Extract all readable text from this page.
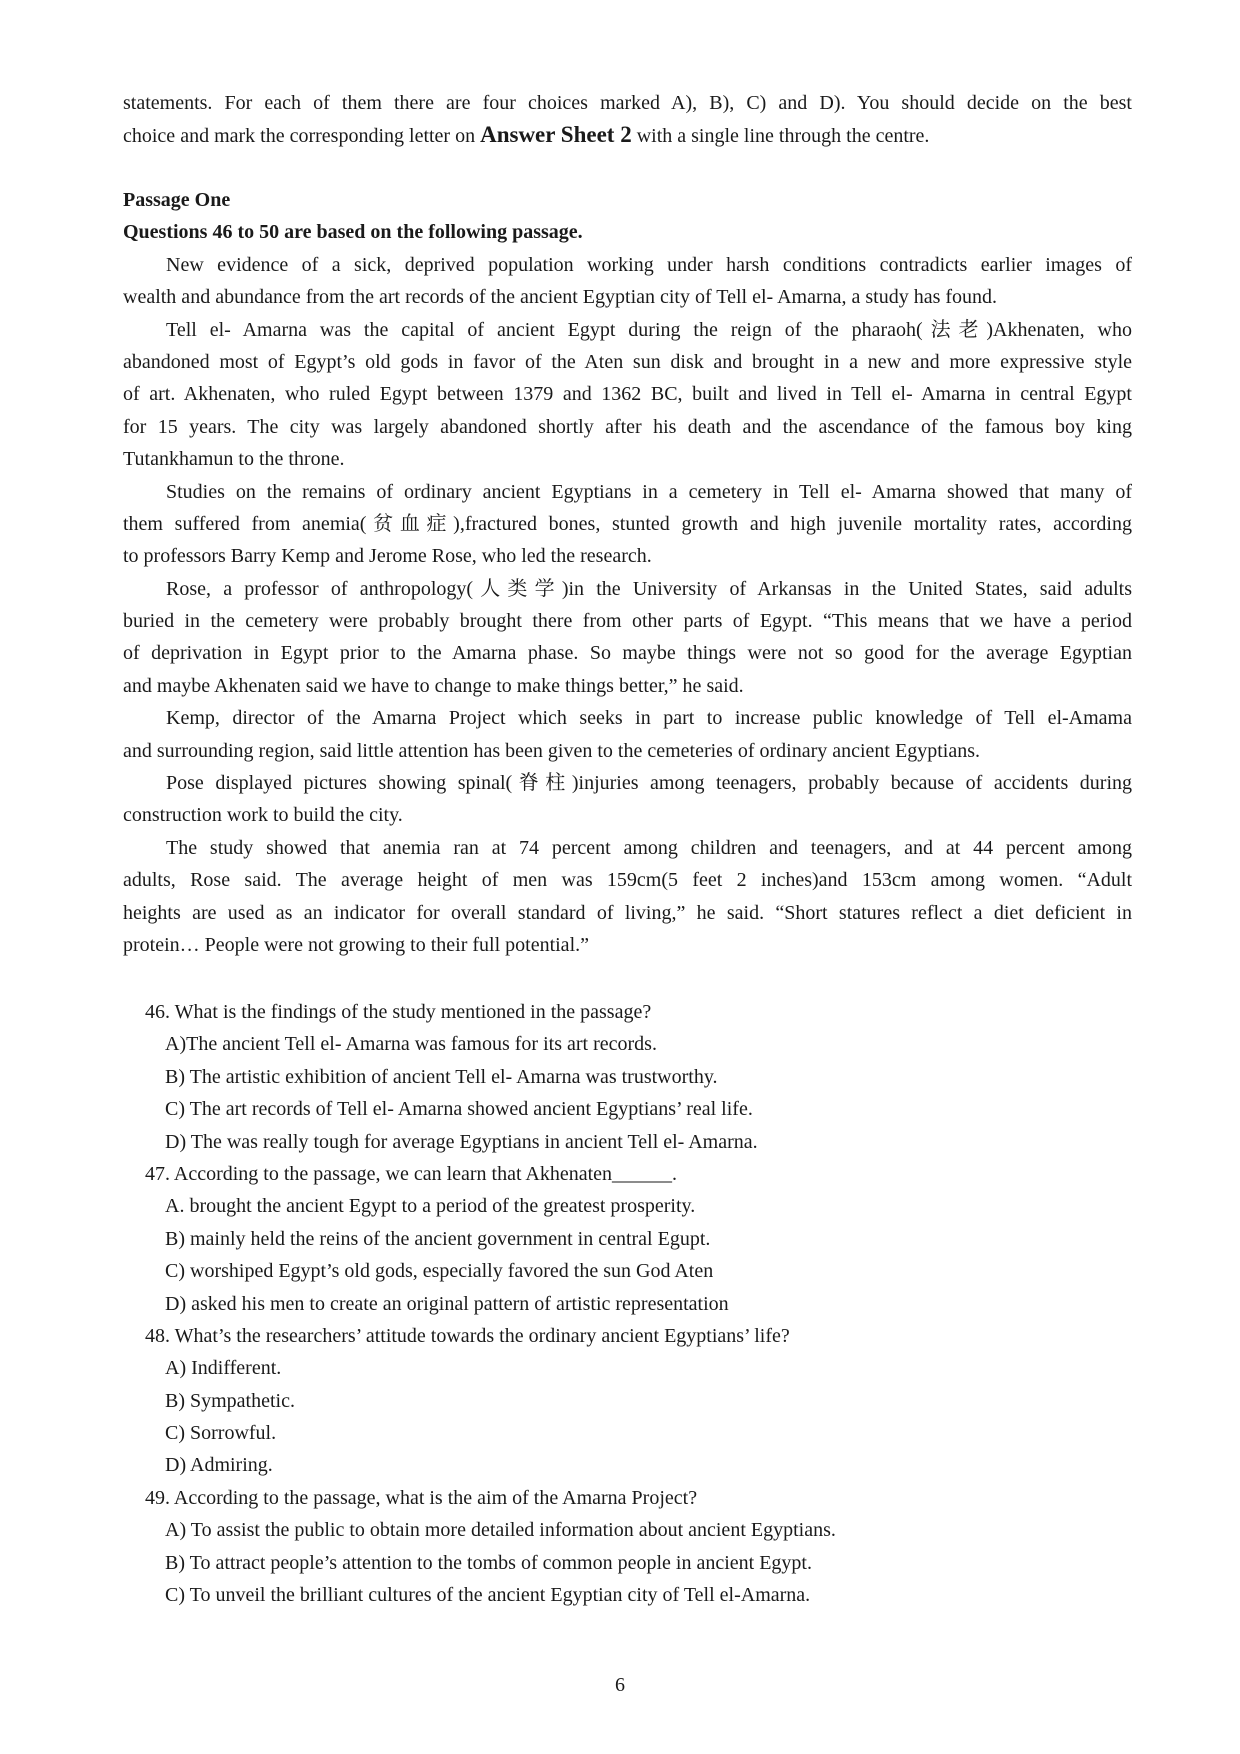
statements. For each of them there are four choices marked A), B), C) and D). You should decide on the best
choice and mark the corresponding letter on Answer Sheet 2 with a single line through the centre.
Passage One
Questions 46 to 50 are based on the following passage.
New evidence of a sick, deprived population working under harsh conditions contradicts earlier images of
wealth and abundance from the art records of the ancient Egyptian city of Tell el- Amarna, a study has found.
Tell el- Amarna was the capital of ancient Egypt during the reign of the pharaoh(法老)Akhenaten, who
abandoned most of Egypt’s old gods in favor of the Aten sun disk and brought in a new and more expressive style
of art. Akhenaten, who ruled Egypt between 1379 and 1362 BC, built and lived in Tell el- Amarna in central Egypt
for 15 years. The city was largely abandoned shortly after his death and the ascendance of the famous boy king
Tutankhamun to the throne.
Studies on the remains of ordinary ancient Egyptians in a cemetery in Tell el- Amarna showed that many of
them suffered from anemia(贫血症),fractured bones, stunted growth and high juvenile mortality rates, according
to professors Barry Kemp and Jerome Rose, who led the research.
Rose, a professor of anthropology(人类学)in the University of Arkansas in the United States, said adults
buried in the cemetery were probably brought there from other parts of Egypt. “This means that we have a period
of deprivation in Egypt prior to the Amarna phase. So maybe things were not so good for the average Egyptian
and maybe Akhenaten said we have to change to make things better,” he said.
Kemp, director of the Amarna Project which seeks in part to increase public knowledge of Tell el-Amama
and surrounding region, said little attention has been given to the cemeteries of ordinary ancient Egyptians.
Pose displayed pictures showing spinal(脊柱)injuries among teenagers, probably because of accidents during
construction work to build the city.
The study showed that anemia ran at 74 percent among children and teenagers, and at 44 percent among
adults, Rose said. The average height of men was 159cm(5 feet 2 inches)and 153cm among women. “Adult
heights are used as an indicator for overall standard of living,” he said. “Short statures reflect a diet deficient in
protein… People were not growing to their full potential.”
46. What is the findings of the study mentioned in the passage?
A)The ancient Tell el- Amarna was famous for its art records.
B) The artistic exhibition of ancient Tell el- Amarna was trustworthy.
C) The art records of Tell el- Amarna showed ancient Egyptians’ real life.
D) The was really tough for average Egyptians in ancient Tell el- Amarna.
47. According to the passage, we can learn that Akhenaten______.
A. brought the ancient Egypt to a period of the greatest prosperity.
B) mainly held the reins of the ancient government in central Egupt.
C) worshiped Egypt’s old gods, especially favored the sun God Aten
D) asked his men to create an original pattern of artistic representation
48. What’s the researchers’ attitude towards the ordinary ancient Egyptians’ life?
A) Indifferent.
B) Sympathetic.
C) Sorrowful.
D) Admiring.
49. According to the passage, what is the aim of the Amarna Project?
A) To assist the public to obtain more detailed information about ancient Egyptians.
B) To attract people’s attention to the tombs of common people in ancient Egypt.
C) To unveil the brilliant cultures of the ancient Egyptian city of Tell el-Amarna.
6
